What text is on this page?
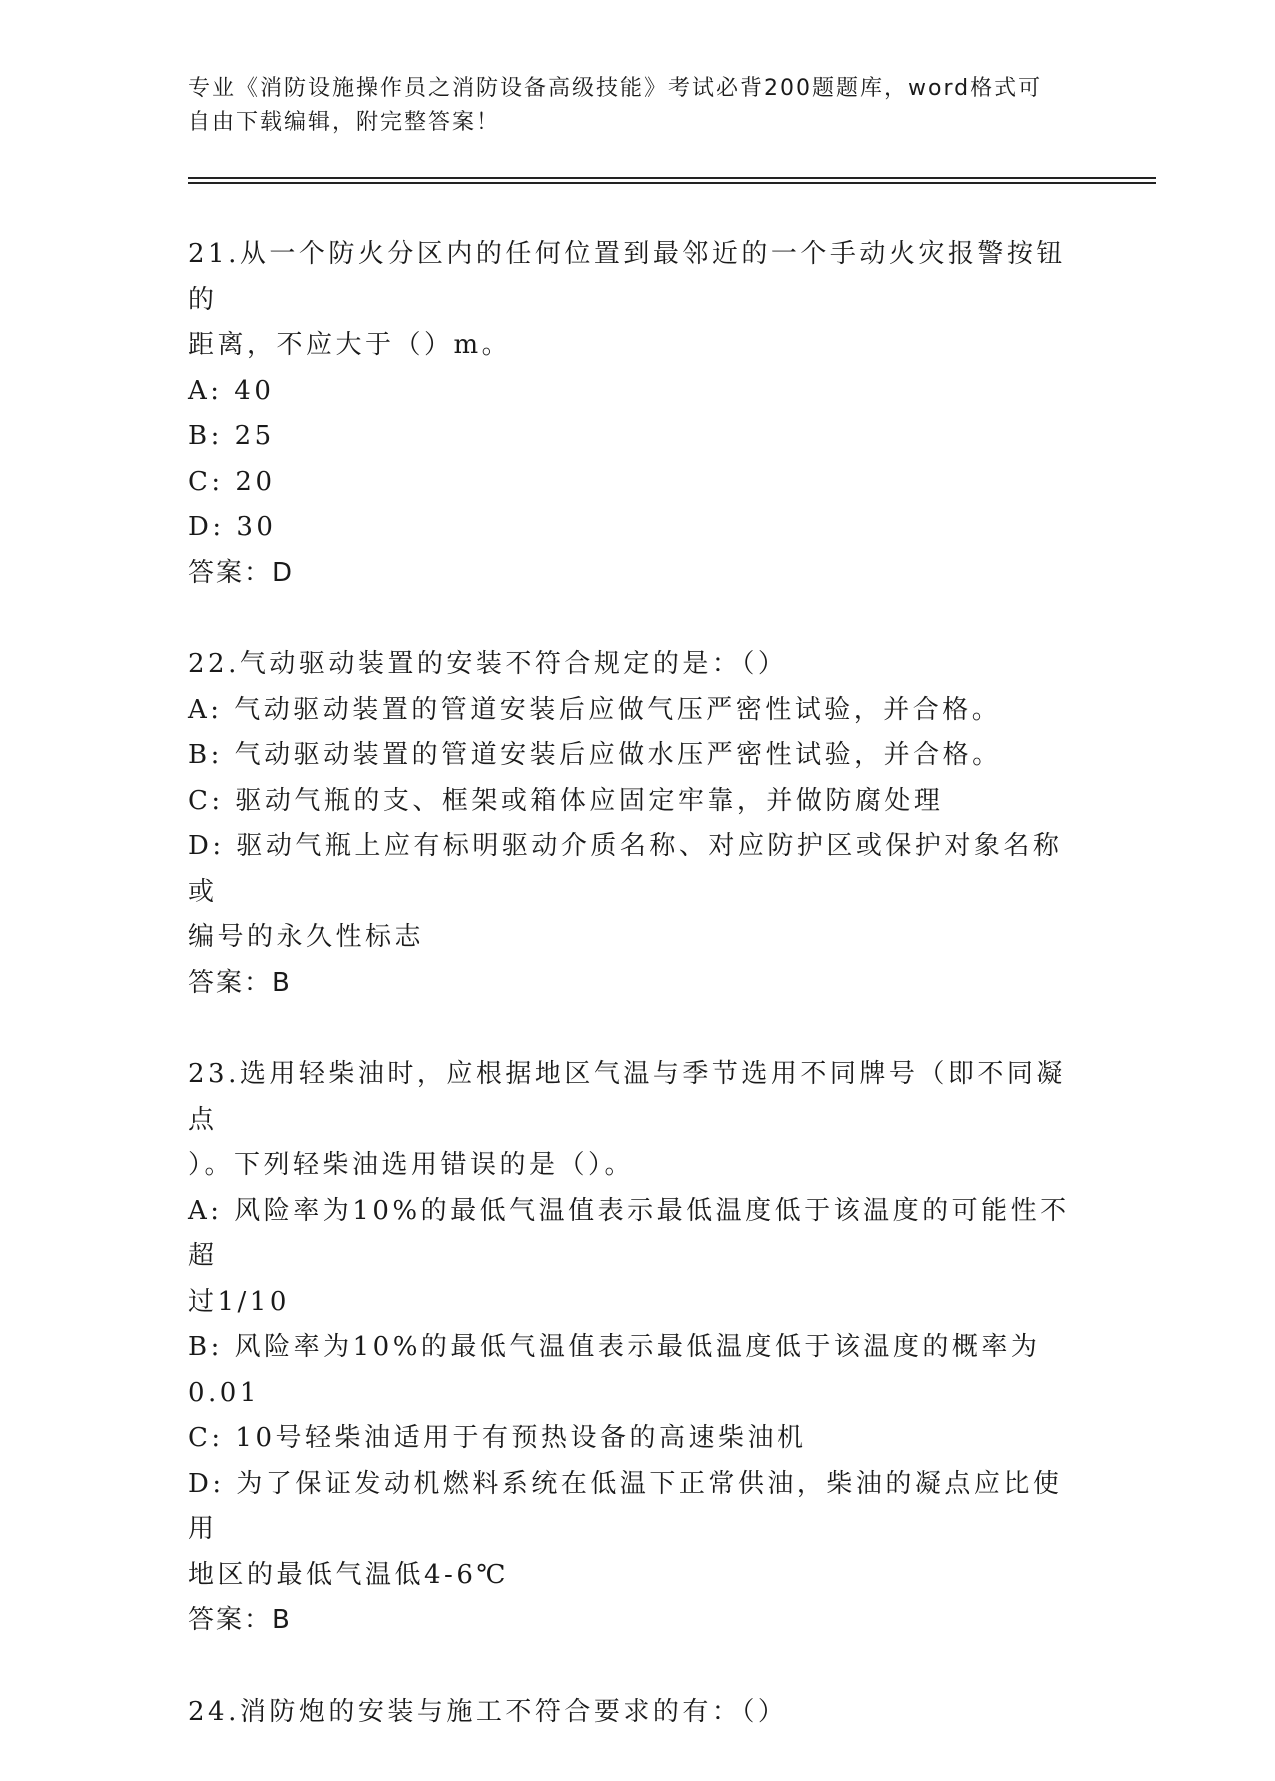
专业《消防设施操作员之消防设备高级技能》考试必背200题题库，word格式可
自由下载编辑，附完整答案！
21.从一个防火分区内的任何位置到最邻近的一个手动火灾报警按钮的
距离，不应大于（）m。
A: 40
B: 25
C: 20
D: 30
答案：D
22.气动驱动装置的安装不符合规定的是：（）
A: 气动驱动装置的管道安装后应做气压严密性试验，并合格。
B: 气动驱动装置的管道安装后应做水压严密性试验，并合格。
C: 驱动气瓶的支、框架或箱体应固定牢靠，并做防腐处理
D: 驱动气瓶上应有标明驱动介质名称、对应防护区或保护对象名称或
编号的永久性标志
答案：B
23.选用轻柴油时，应根据地区气温与季节选用不同牌号（即不同凝点
）。下列轻柴油选用错误的是（）。
A: 风险率为10%的最低气温值表示最低温度低于该温度的可能性不超
过1/10
B: 风险率为10%的最低气温值表示最低温度低于该温度的概率为0.01
C: 10号轻柴油适用于有预热设备的高速柴油机
D: 为了保证发动机燃料系统在低温下正常供油，柴油的凝点应比使用
地区的最低气温低4-6℃
答案：B
24.消防炮的安装与施工不符合要求的有：（）
